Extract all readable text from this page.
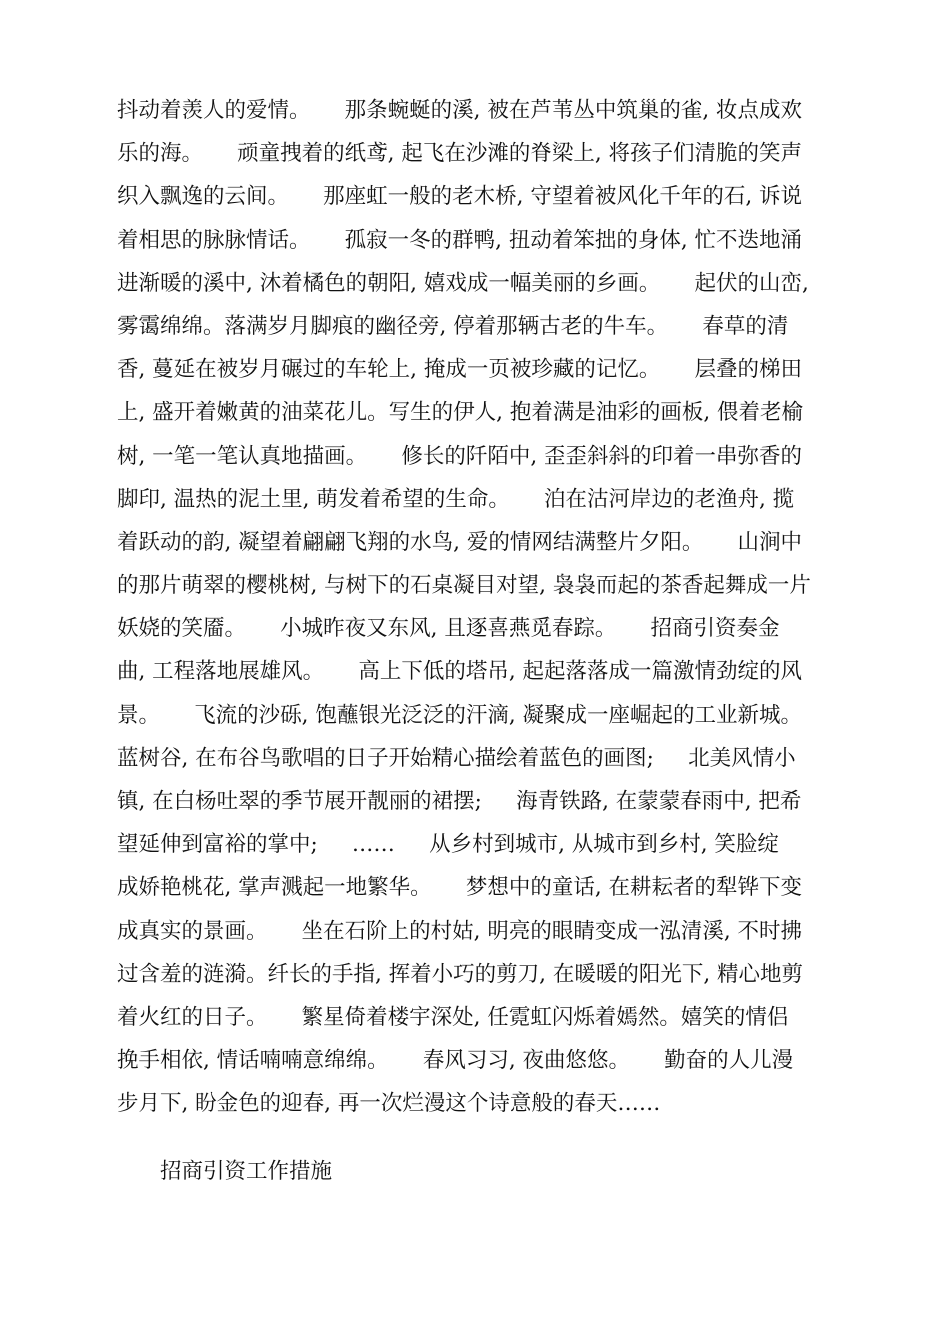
抖动着羡人的爱情。     那条蜿蜒的溪, 被在芦苇丛中筑巢的雀, 妆点成欢
乐的海。     顽童拽着的纸鸢, 起飞在沙滩的脊梁上, 将孩子们清脆的笑声
织入飘逸的云间。     那座虹一般的老木桥, 守望着被风化千年的石, 诉说
着相思的脉脉情话。     孤寂一冬的群鸭, 扭动着笨拙的身体, 忙不迭地涌
进渐暖的溪中, 沐着橘色的朝阳, 嬉戏成一幅美丽的乡画。     起伏的山峦,
雾霭绵绵。落满岁月脚痕的幽径旁, 停着那辆古老的牛车。     春草的清
香, 蔓延在被岁月碾过的车轮上, 掩成一页被珍藏的记忆。     层叠的梯田
上, 盛开着嫩黄的油菜花儿。写生的伊人, 抱着满是油彩的画板, 偎着老榆
树, 一笔一笔认真地描画。     修长的阡陌中, 歪歪斜斜的印着一串弥香的
脚印, 温热的泥土里, 萌发着希望的生命。     泊在沽河岸边的老渔舟, 揽
着跃动的韵, 凝望着翩翩飞翔的水鸟, 爱的情网结满整片夕阳。     山涧中
的那片萌翠的樱桃树, 与树下的石桌凝目对望, 袅袅而起的茶香起舞成一片
妖娆的笑靥。     小城昨夜又东风, 且逐喜燕觅春踪。     招商引资奏金
曲, 工程落地展雄风。     高上下低的塔吊, 起起落落成一篇激情劲绽的风
景。     飞流的沙砾, 饱蘸银光泛泛的汗滴, 凝聚成一座崛起的工业新城。
蓝树谷, 在布谷鸟歌唱的日子开始精心描绘着蓝色的画图;     北美风情小
镇, 在白杨吐翠的季节展开靓丽的裙摆;     海青铁路, 在蒙蒙春雨中, 把希
望延伸到富裕的掌中;     ……     从乡村到城市, 从城市到乡村, 笑脸绽
成娇艳桃花, 掌声溅起一地繁华。     梦想中的童话, 在耕耘者的犁铧下变
成真实的景画。     坐在石阶上的村姑, 明亮的眼睛变成一泓清溪, 不时拂
过含羞的涟漪。纤长的手指, 挥着小巧的剪刀, 在暖暖的阳光下, 精心地剪
着火红的日子。     繁星倚着楼宇深处, 任霓虹闪烁着嫣然。嬉笑的情侣
挽手相依, 情话喃喃意绵绵。     春风习习, 夜曲悠悠。     勤奋的人儿漫
步月下, 盼金色的迎春, 再一次烂漫这个诗意般的春天……
招商引资工作措施
